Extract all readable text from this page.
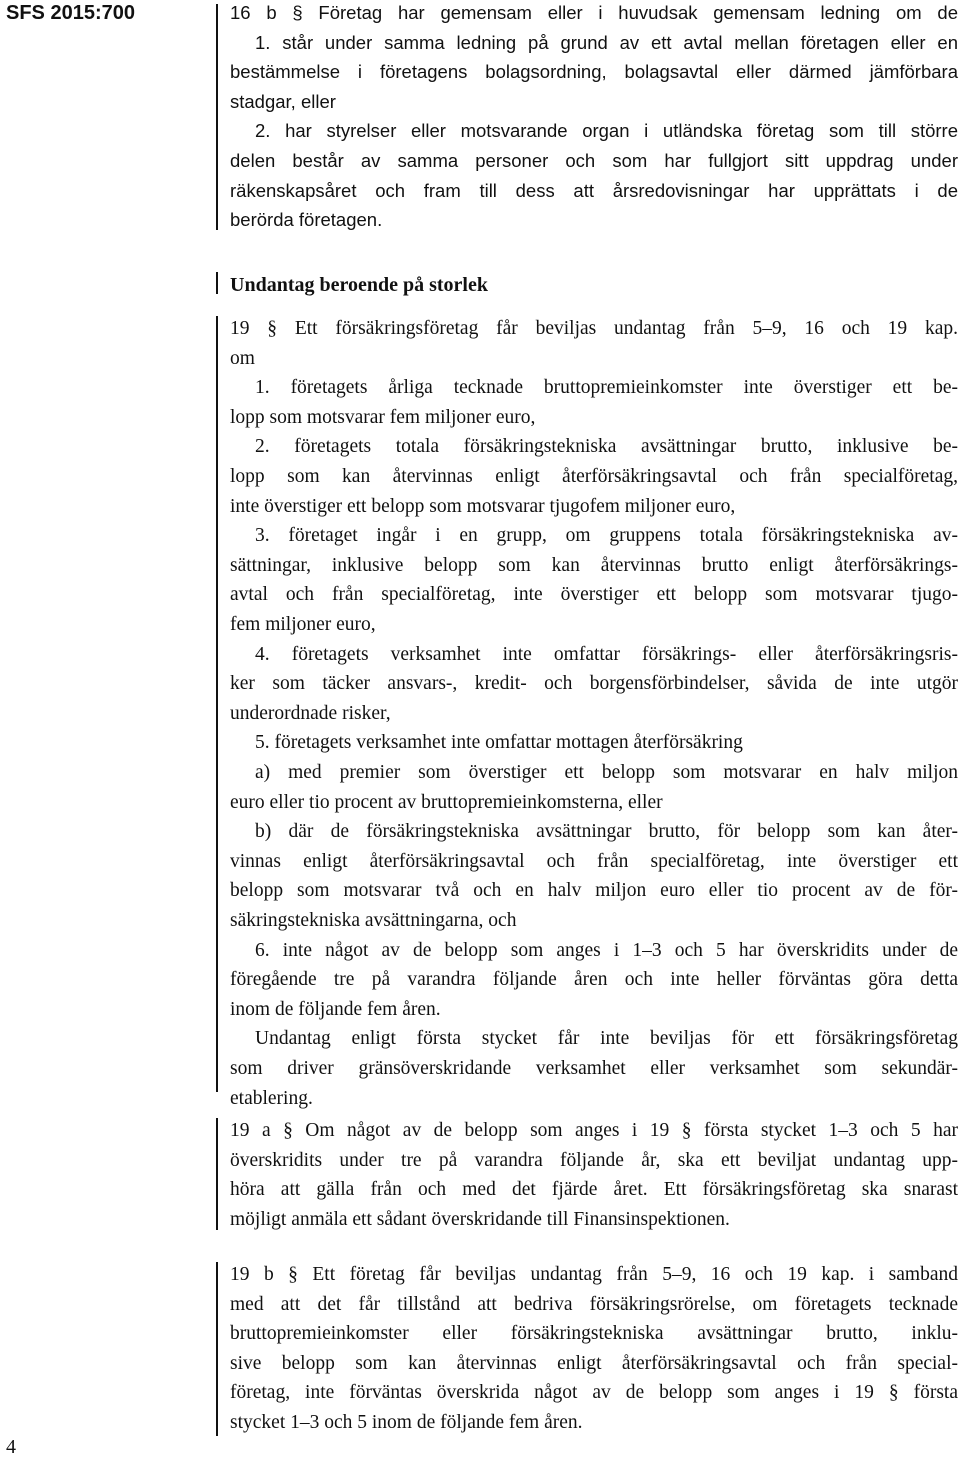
SFS 2015:700
4
16 b § Företag har gemensam eller i huvudsak gemensam ledning om de
1. står under samma ledning på grund av ett avtal mellan företagen eller en
bestämmelse i företagens bolagsordning, bolagsavtal eller därmed jämförbara
stadgar, eller
2. har styrelser eller motsvarande organ i utländska företag som till större
delen består av samma personer och som har fullgjort sitt uppdrag under
räkenskapsåret och fram till dess att årsredovisningar har upprättats i de
berörda företagen.
Undantag beroende på storlek
19 § Ett försäkringsföretag får beviljas undantag från 5–9, 16 och 19 kap.
om
1. företagets årliga tecknade bruttopremieinkomster inte överstiger ett be-
lopp som motsvarar fem miljoner euro,
2. företagets totala försäkringstekniska avsättningar brutto, inklusive be-
lopp som kan återvinnas enligt återförsäkringsavtal och från specialföretag,
inte överstiger ett belopp som motsvarar tjugofem miljoner euro,
3. företaget ingår i en grupp, om gruppens totala försäkringstekniska av-
sättningar, inklusive belopp som kan återvinnas brutto enligt återförsäkrings-
avtal och från specialföretag, inte överstiger ett belopp som motsvarar tjugo-
fem miljoner euro,
4. företagets verksamhet inte omfattar försäkrings- eller återförsäkringsris-
ker som täcker ansvars-, kredit- och borgensförbindelser, såvida de inte utgör
underordnade risker,
5. företagets verksamhet inte omfattar mottagen återförsäkring
a) med premier som överstiger ett belopp som motsvarar en halv miljon
euro eller tio procent av bruttopremieinkomsterna, eller
b) där de försäkringstekniska avsättningar brutto, för belopp som kan åter-
vinnas enligt återförsäkringsavtal och från specialföretag, inte överstiger ett
belopp som motsvarar två och en halv miljon euro eller tio procent av de för-
säkringstekniska avsättningarna, och
6. inte något av de belopp som anges i 1–3 och 5 har överskridits under de
föregående tre på varandra följande åren och inte heller förväntas göra detta
inom de följande fem åren.
Undantag enligt första stycket får inte beviljas för ett försäkringsföretag
som driver gränsöverskridande verksamhet eller verksamhet som sekundär-
etablering.
19 a § Om något av de belopp som anges i 19 § första stycket 1–3 och 5 har
överskridits under tre på varandra följande år, ska ett beviljat undantag upp-
höra att gälla från och med det fjärde året. Ett försäkringsföretag ska snarast
möjligt anmäla ett sådant överskridande till Finansinspektionen.
19 b § Ett företag får beviljas undantag från 5–9, 16 och 19 kap. i samband
med att det får tillstånd att bedriva försäkringsrörelse, om företagets tecknade
bruttopremieinkomster eller försäkringstekniska avsättningar brutto, inklu-
sive belopp som kan återvinnas enligt återförsäkringsavtal och från special-
företag, inte förväntas överskrida något av de belopp som anges i 19 § första
stycket 1–3 och 5 inom de följande fem åren.
